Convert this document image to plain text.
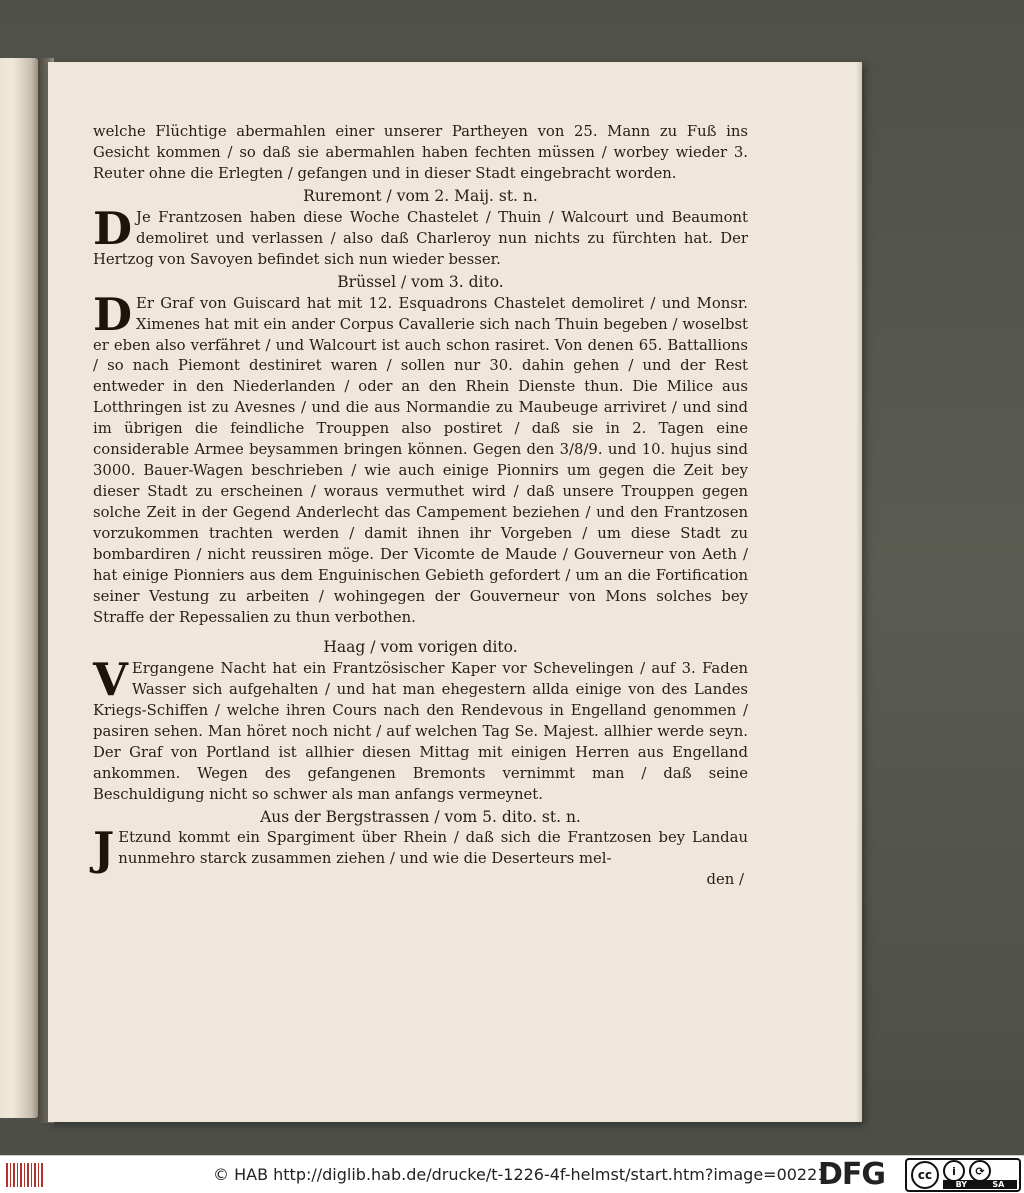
welche Flüchtige abermahlen einer unserer Partheyen von 25. Mann zu Fuß ins Gesicht kommen / so daß sie abermahlen haben fechten müssen / worbey wieder 3. Reuter ohne die Erlegten / gefangen und in dieser Stadt eingebracht worden.
Ruremont / vom 2. Maij. st. n.
D Je Frantzosen haben diese Woche Chastelet / Thuin / Walcourt und Beaumont demoliret und verlassen / also daß Charleroy nun nichts zu fürchten hat. Der Hertzog von Savoyen befindet sich nun wieder besser.
Brüssel / vom 3. dito.
D Er Graf von Guiscard hat mit 12. Esquadrons Chastelet demoliret / und Monsr. Ximenes hat mit ein ander Corpus Cavallerie sich nach Thuin begeben / woselbst er eben also verfähret / und Walcourt ist auch schon rasiret. Von denen 65. Battallions / so nach Piemont destiniret waren / sollen nur 30. dahin gehen / und der Rest entweder in den Niederlanden / oder an den Rhein Dienste thun. Die Milice aus Lotthringen ist zu Avesnes / und die aus Normandie zu Maubeuge arriviret / und sind im übrigen die feindliche Trouppen also postiret / daß sie in 2. Tagen eine considerable Armee beysammen bringen können. Gegen den 3/8/9. und 10. hujus sind 3000. Bauer-Wagen beschrieben / wie auch einige Pionnirs um gegen die Zeit bey dieser Stadt zu erscheinen / woraus vermuthet wird / daß unsere Trouppen gegen solche Zeit in der Gegend Anderlecht das Campement beziehen / und den Frantzosen vorzukommen trachten werden / damit ihnen ihr Vorgeben / um diese Stadt zu bombardiren / nicht reussiren möge. Der Vicomte de Maude / Gouverneur von Aeth / hat einige Pionniers aus dem Enguinischen Gebieth gefordert / um an die Fortification seiner Vestung zu arbeiten / wohingegen der Gouverneur von Mons solches bey Straffe der Repessalien zu thun verbothen.
Haag / vom vorigen dito.
V Ergangene Nacht hat ein Frantzösischer Kaper vor Schevelingen / auf 3. Faden Wasser sich aufgehalten / und hat man ehegestern allda einige von des Landes Kriegs-Schiffen / welche ihren Cours nach den Rendevous in Engelland genommen / pasiren sehen. Man höret noch nicht / auf welchen Tag Se. Majest. allhier werde seyn. Der Graf von Portland ist allhier diesen Mittag mit einigen Herren aus Engelland ankommen. Wegen des gefangenen Bremonts vernimmt man / daß seine Beschuldigung nicht so schwer als man anfangs vermeynet.
Aus der Bergstrassen / vom 5. dito. st. n.
J Etzund kommt ein Spargiment über Rhein / daß sich die Frantzosen bey Landau nunmehro starck zusammen ziehen / und wie die Deserteurs mel-
den /
© HAB http://diglib.hab.de/drucke/t-1226-4f-helmst/start.htm?image=00221
DFG	cc	i	⟳
BY	SA
